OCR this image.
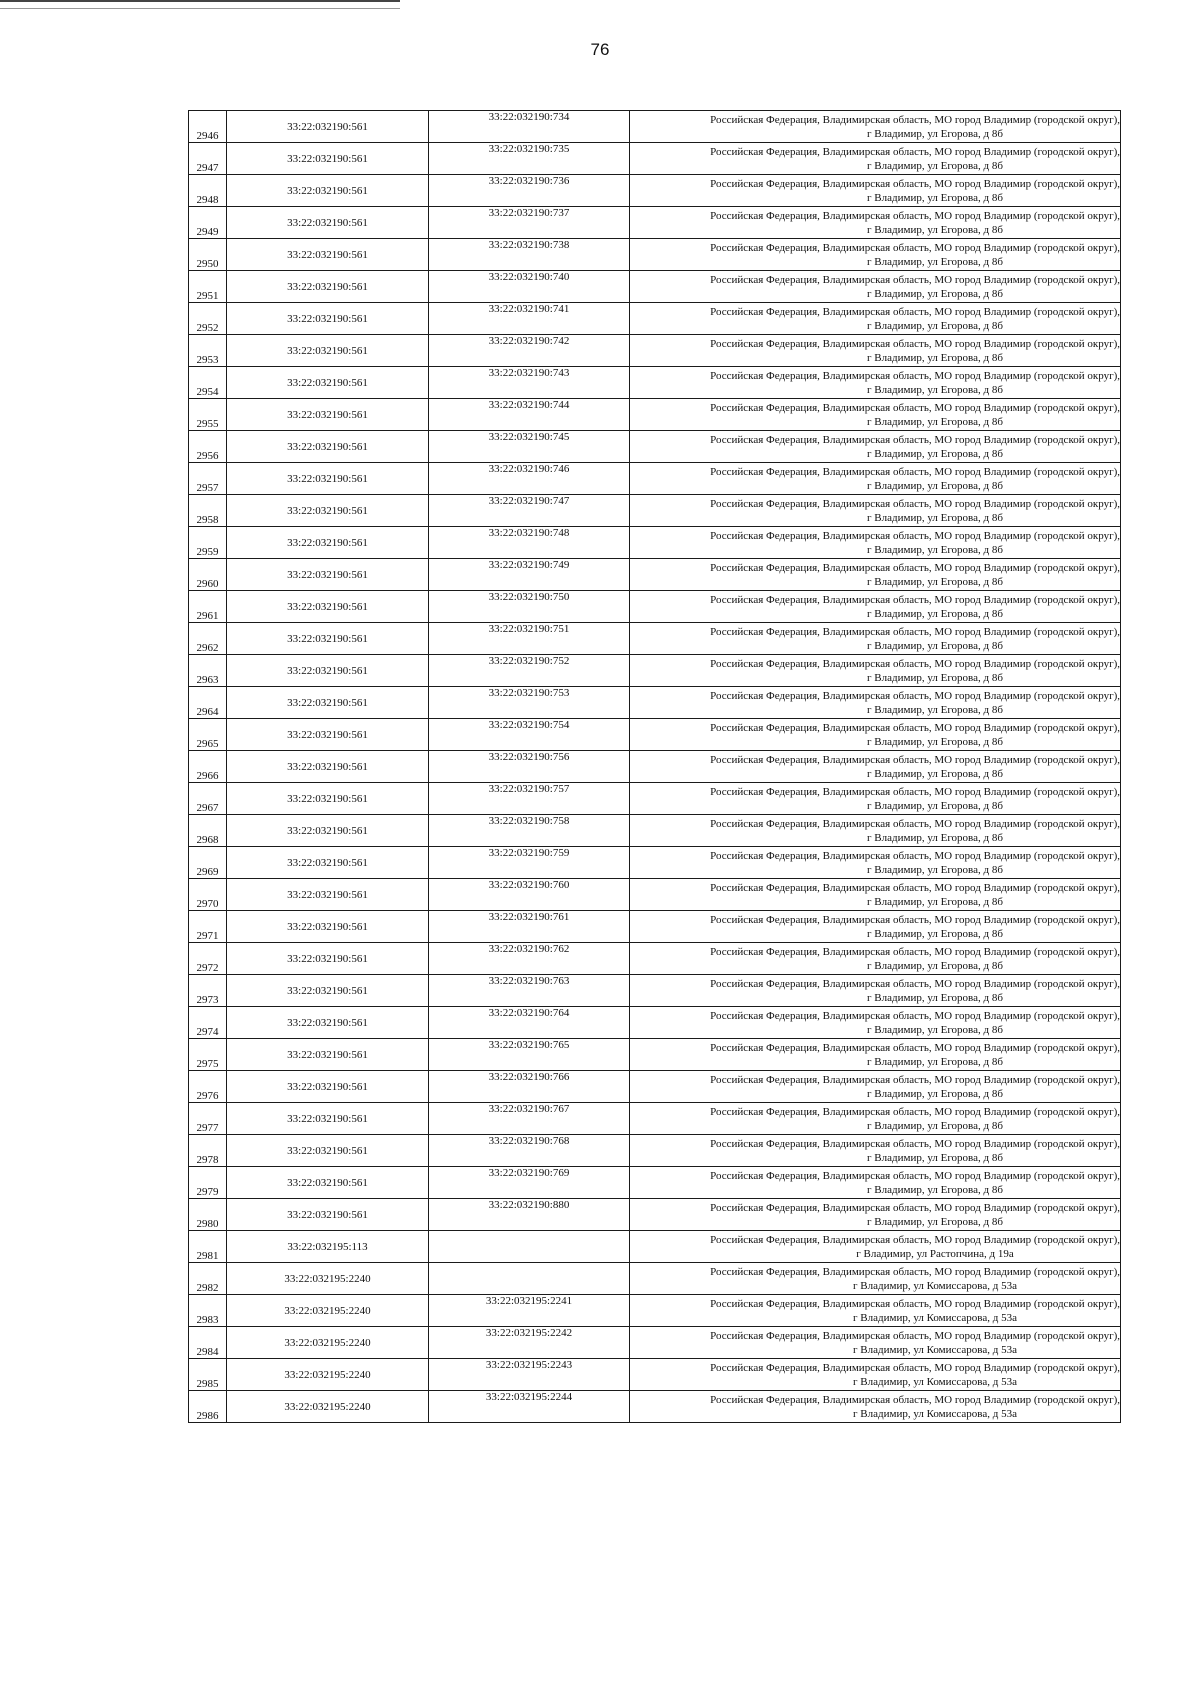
76
2946	33:22:032190:561	33:22:032190:734	Российская Федерация, Владимирская область, МО город Владимир (городской округ),
г Владимир, ул Егорова, д 8б

2947	33:22:032190:561	33:22:032190:735	Российская Федерация, Владимирская область, МО город Владимир (городской округ),
г Владимир, ул Егорова, д 8б

2948	33:22:032190:561	33:22:032190:736	Российская Федерация, Владимирская область, МО город Владимир (городской округ),
г Владимир, ул Егорова, д 8б

2949	33:22:032190:561	33:22:032190:737	Российская Федерация, Владимирская область, МО город Владимир (городской округ),
г Владимир, ул Егорова, д 8б

2950	33:22:032190:561	33:22:032190:738	Российская Федерация, Владимирская область, МО город Владимир (городской округ),
г Владимир, ул Егорова, д 8б

2951	33:22:032190:561	33:22:032190:740	Российская Федерация, Владимирская область, МО город Владимир (городской округ),
г Владимир, ул Егорова, д 8б

2952	33:22:032190:561	33:22:032190:741	Российская Федерация, Владимирская область, МО город Владимир (городской округ),
г Владимир, ул Егорова, д 8б

2953	33:22:032190:561	33:22:032190:742	Российская Федерация, Владимирская область, МО город Владимир (городской округ),
г Владимир, ул Егорова, д 8б

2954	33:22:032190:561	33:22:032190:743	Российская Федерация, Владимирская область, МО город Владимир (городской округ),
г Владимир, ул Егорова, д 8б

2955	33:22:032190:561	33:22:032190:744	Российская Федерация, Владимирская область, МО город Владимир (городской округ),
г Владимир, ул Егорова, д 8б

2956	33:22:032190:561	33:22:032190:745	Российская Федерация, Владимирская область, МО город Владимир (городской округ),
г Владимир, ул Егорова, д 8б

2957	33:22:032190:561	33:22:032190:746	Российская Федерация, Владимирская область, МО город Владимир (городской округ),
г Владимир, ул Егорова, д 8б

2958	33:22:032190:561	33:22:032190:747	Российская Федерация, Владимирская область, МО город Владимир (городской округ),
г Владимир, ул Егорова, д 8б

2959	33:22:032190:561	33:22:032190:748	Российская Федерация, Владимирская область, МО город Владимир (городской округ),
г Владимир, ул Егорова, д 8б

2960	33:22:032190:561	33:22:032190:749	Российская Федерация, Владимирская область, МО город Владимир (городской округ),
г Владимир, ул Егорова, д 8б

2961	33:22:032190:561	33:22:032190:750	Российская Федерация, Владимирская область, МО город Владимир (городской округ),
г Владимир, ул Егорова, д 8б

2962	33:22:032190:561	33:22:032190:751	Российская Федерация, Владимирская область, МО город Владимир (городской округ),
г Владимир, ул Егорова, д 8б

2963	33:22:032190:561	33:22:032190:752	Российская Федерация, Владимирская область, МО город Владимир (городской округ),
г Владимир, ул Егорова, д 8б

2964	33:22:032190:561	33:22:032190:753	Российская Федерация, Владимирская область, МО город Владимир (городской округ),
г Владимир, ул Егорова, д 8б

2965	33:22:032190:561	33:22:032190:754	Российская Федерация, Владимирская область, МО город Владимир (городской округ),
г Владимир, ул Егорова, д 8б

2966	33:22:032190:561	33:22:032190:756	Российская Федерация, Владимирская область, МО город Владимир (городской округ),
г Владимир, ул Егорова, д 8б

2967	33:22:032190:561	33:22:032190:757	Российская Федерация, Владимирская область, МО город Владимир (городской округ),
г Владимир, ул Егорова, д 8б

2968	33:22:032190:561	33:22:032190:758	Российская Федерация, Владимирская область, МО город Владимир (городской округ),
г Владимир, ул Егорова, д 8б

2969	33:22:032190:561	33:22:032190:759	Российская Федерация, Владимирская область, МО город Владимир (городской округ),
г Владимир, ул Егорова, д 8б

2970	33:22:032190:561	33:22:032190:760	Российская Федерация, Владимирская область, МО город Владимир (городской округ),
г Владимир, ул Егорова, д 8б

2971	33:22:032190:561	33:22:032190:761	Российская Федерация, Владимирская область, МО город Владимир (городской округ),
г Владимир, ул Егорова, д 8б

2972	33:22:032190:561	33:22:032190:762	Российская Федерация, Владимирская область, МО город Владимир (городской округ),
г Владимир, ул Егорова, д 8б

2973	33:22:032190:561	33:22:032190:763	Российская Федерация, Владимирская область, МО город Владимир (городской округ),
г Владимир, ул Егорова, д 8б

2974	33:22:032190:561	33:22:032190:764	Российская Федерация, Владимирская область, МО город Владимир (городской округ),
г Владимир, ул Егорова, д 8б

2975	33:22:032190:561	33:22:032190:765	Российская Федерация, Владимирская область, МО город Владимир (городской округ),
г Владимир, ул Егорова, д 8б

2976	33:22:032190:561	33:22:032190:766	Российская Федерация, Владимирская область, МО город Владимир (городской округ),
г Владимир, ул Егорова, д 8б

2977	33:22:032190:561	33:22:032190:767	Российская Федерация, Владимирская область, МО город Владимир (городской округ),
г Владимир, ул Егорова, д 8б

2978	33:22:032190:561	33:22:032190:768	Российская Федерация, Владимирская область, МО город Владимир (городской округ),
г Владимир, ул Егорова, д 8б

2979	33:22:032190:561	33:22:032190:769	Российская Федерация, Владимирская область, МО город Владимир (городской округ),
г Владимир, ул Егорова, д 8б

2980	33:22:032190:561	33:22:032190:880	Российская Федерация, Владимирская область, МО город Владимир (городской округ),
г Владимир, ул Егорова, д 8б

2981	33:22:032195:113		Российская Федерация, Владимирская область, МО город Владимир (городской округ),
г Владимир, ул Растопчина, д 19а

2982	33:22:032195:2240		Российская Федерация, Владимирская область, МО город Владимир (городской округ),
г Владимир, ул Комиссарова, д 53а

2983	33:22:032195:2240	33:22:032195:2241	Российская Федерация, Владимирская область, МО город Владимир (городской округ),
г Владимир, ул Комиссарова, д 53а

2984	33:22:032195:2240	33:22:032195:2242	Российская Федерация, Владимирская область, МО город Владимир (городской округ),
г Владимир, ул Комиссарова, д 53а

2985	33:22:032195:2240	33:22:032195:2243	Российская Федерация, Владимирская область, МО город Владимир (городской округ),
г Владимир, ул Комиссарова, д 53а

2986	33:22:032195:2240	33:22:032195:2244	Российская Федерация, Владимирская область, МО город Владимир (городской округ),
г Владимир, ул Комиссарова, д 53а
